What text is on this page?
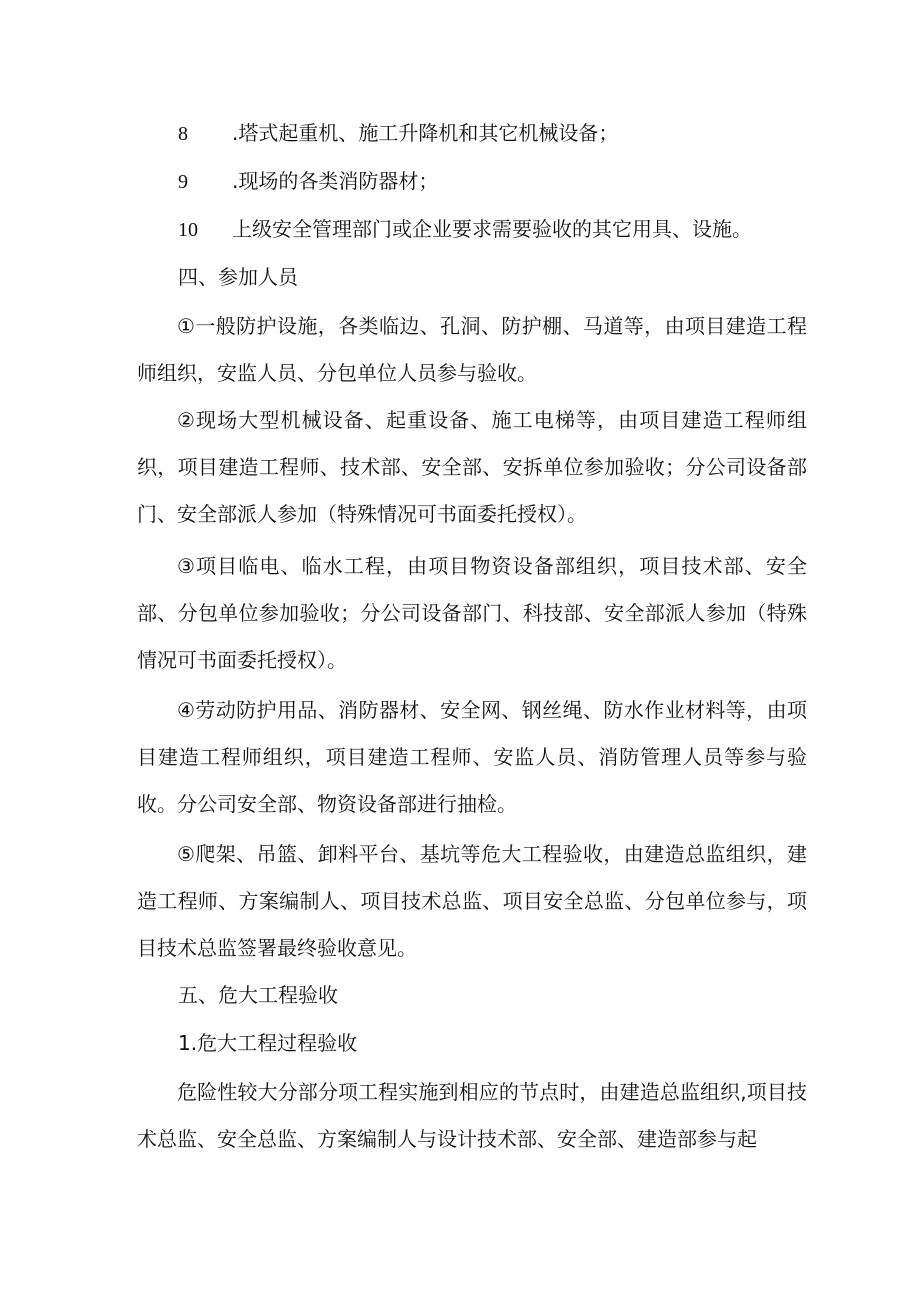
8 .塔式起重机、施工升降机和其它机械设备；
9 .现场的各类消防器材；
10 上级安全管理部门或企业要求需要验收的其它用具、设施。
四、参加人员

①一般防护设施，各类临边、孔洞、防护棚、马道等，由项目建造工程师组织，安监人员、分包单位人员参与验收。

②现场大型机械设备、起重设备、施工电梯等，由项目建造工程师组织，项目建造工程师、技术部、安全部、安拆单位参加验收；分公司设备部门、安全部派人参加（特殊情况可书面委托授权）。

③项目临电、临水工程，由项目物资设备部组织，项目技术部、安全部、分包单位参加验收；分公司设备部门、科技部、安全部派人参加（特殊情况可书面委托授权）。

④劳动防护用品、消防器材、安全网、钢丝绳、防水作业材料等，由项目建造工程师组织，项目建造工程师、安监人员、消防管理人员等参与验收。分公司安全部、物资设备部进行抽检。

⑤爬架、吊篮、卸料平台、基坑等危大工程验收，由建造总监组织，建造工程师、方案编制人、项目技术总监、项目安全总监、分包单位参与，项目技术总监签署最终验收意见。

五、危大工程验收
1.危大工程过程验收

危险性较大分部分项工程实施到相应的节点时，由建造总监组织,项目技术总监、安全总监、方案编制人与设计技术部、安全部、建造部参与起
